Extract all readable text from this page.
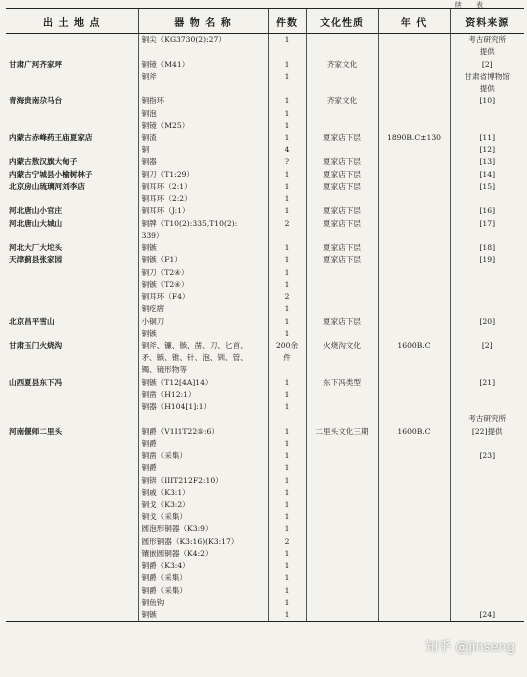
续 表
出 土 地 点	器 物 名 称	件数	文化性质	年 代	资料来源
	铜尖（KG3730(2):27）	1			考古研究所
					提供
甘肃广河齐家坪	铜镜（M41）	1	齐家文化		[2]
	铜斧	1			甘肃省博物馆
					提供
青海贵南尕马台	铜指环	1	齐家文化		[10]
	铜泡	1			
	铜镜（M25）	1			
内蒙古赤峰药王庙夏家店	铜渣	1	夏家店下层	1890B.C±130	[11]
	铜	4			[12]
内蒙古敖汉旗大甸子	铜器	?	夏家店下层		[13]
内蒙古宁城县小榆树林子	铜刀（T1:29）	1	夏家店下层		[14]
北京房山琉璃河刘李店	铜耳环（2:1）	1	夏家店下层		[15]
	铜耳环（2:2）	1			
河北唐山小官庄	铜耳环（J:1）	1	夏家店下层		[16]
河北唐山大城山	铜牌（T10(2):335,T10(2):	2	夏家店下层		[17]
	339）				
河北大厂大坨头	铜镞	1	夏家店下层		[18]
天津蓟县张家园	铜镞（F1）	1	夏家店下层		[19]
	铜刀（T2④）	1			
	铜镞（T2④）	1			
	铜耳环（F4）	2			
	铜疙瘩	1			
北京昌平雪山	小铜刀	1	夏家店下层		[20]
	铜镞	1			
甘肃玉门火烧沟	铜斧、镰、镞、凿、刀、匕首、	200余	火烧沟文化	1600B.C	[2]
	矛、镞、锥、针、泡、钏、管、	件			
	镯、镜形物等				
山西夏县东下冯	铜镞（T12[4A]14）	1	东下冯类型		[21]
	铜凿（H12:1）	1			
	铜器（H104[1]:1）	1			
					考古研究所
河南偃师二里头	铜爵（V1I1T22⑤:6）	1	二里头文化三期	1600B.C	[22]提供
	铜爵	1			
	铜凿（采集）	1			[23]
	铜爵	1			
	铜锛（IIIT212F2:10）	1			
	铜戚（K3:1）	1			
	铜戈（K3:2）	1			
	铜戈（采集）	1			
	圆泡形铜器（K3:9）	1			
	圆形铜器（K3:16)(K3:17）	2			
	镶嵌圆铜器（K4:2）	1			
	铜爵（K3:4）	1			
	铜爵（采集）	1			
	铜爵（采集）	1			
	铜鱼钩	1			
	铜镞	1			[24]
知乎 @jinseng
